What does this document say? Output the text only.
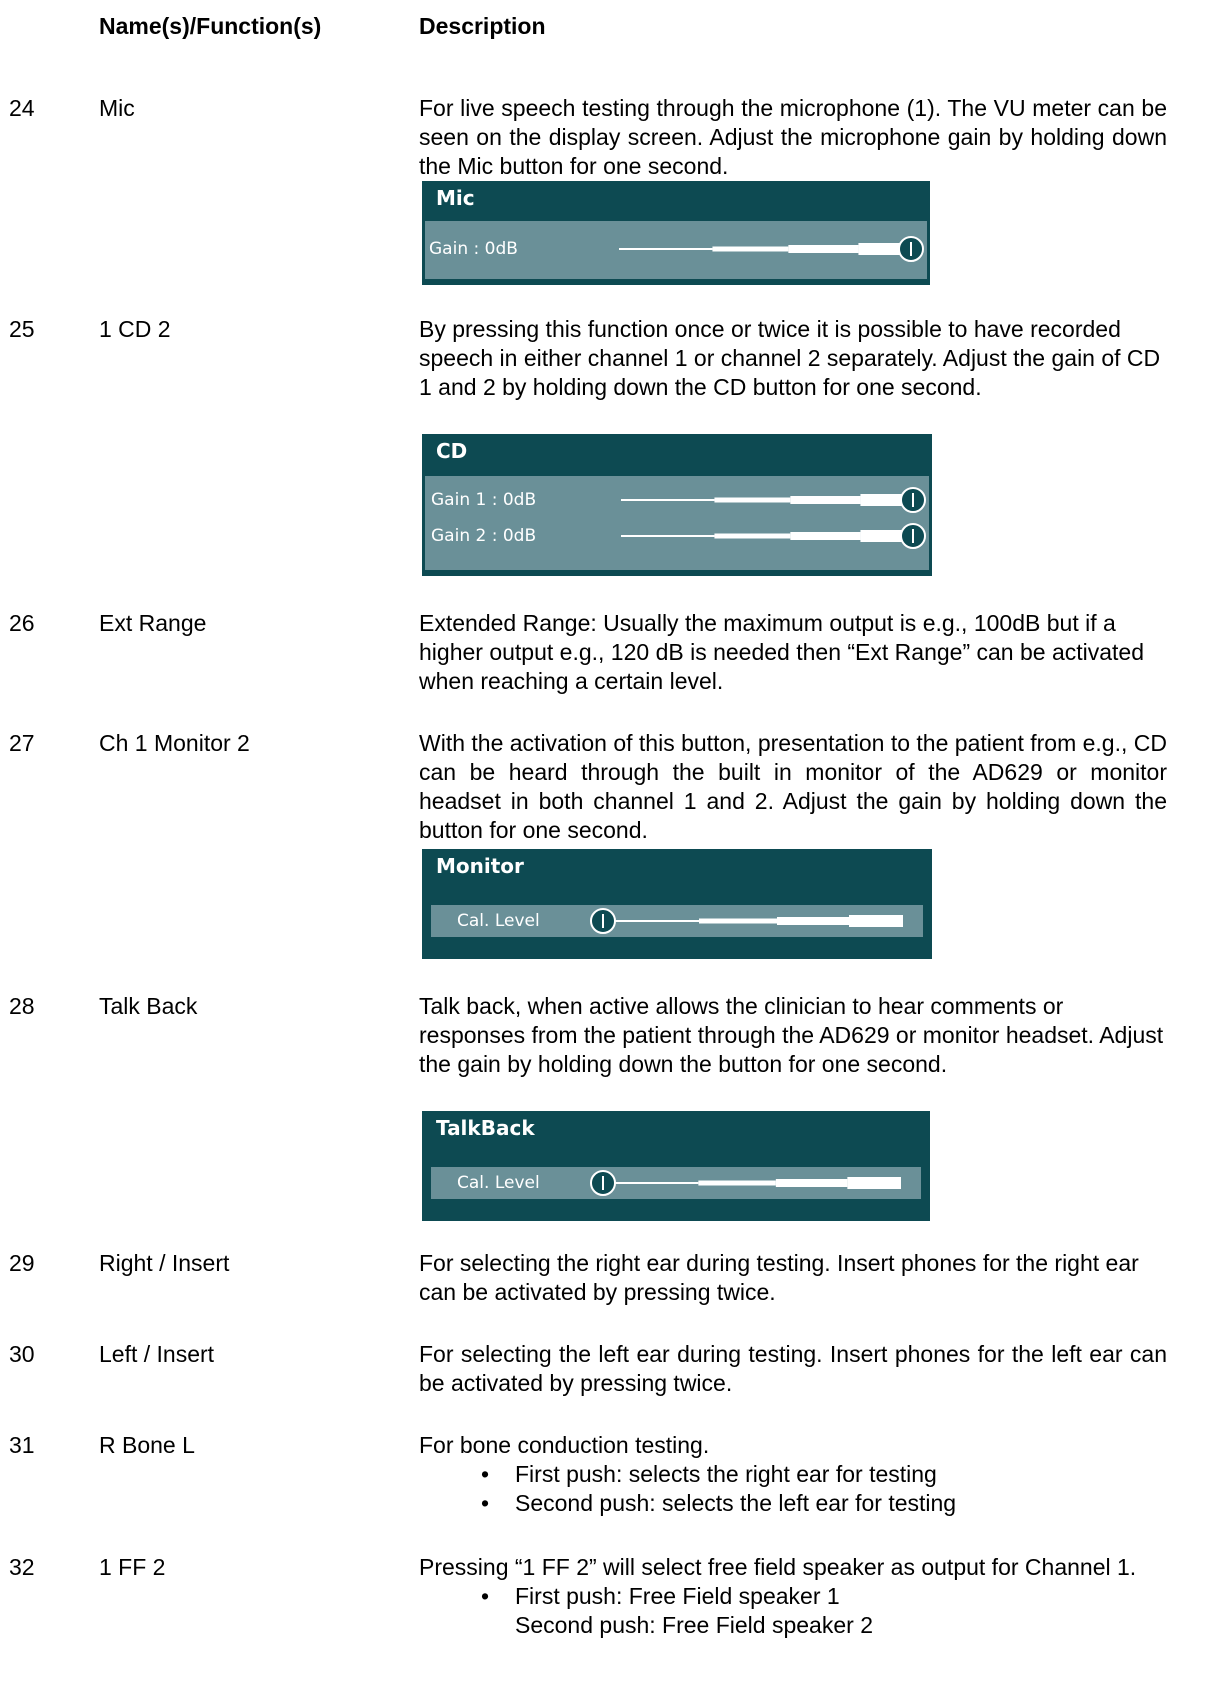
Name(s)/Function(s)	Description
24	Mic	For live speech testing through the microphone (1). The VU meter can be seen on the display screen. Adjust the microphone gain by holding down the Mic button for one second.
Mic
Gain : 0dB
25	1 CD 2	By pressing this function once or twice it is possible to have recorded speech in either channel 1 or channel 2 separately. Adjust the gain of CD 1 and 2 by holding down the CD button for one second.
CD
Gain 1 : 0dB
Gain 2 : 0dB
26	Ext Range	Extended Range: Usually the maximum output is e.g., 100dB but if a higher output e.g., 120 dB is needed then “Ext Range” can be activated when reaching a certain level.
27	Ch 1 Monitor 2	With the activation of this button, presentation to the patient from e.g., CD can be heard through the built in monitor of the AD629 or monitor headset in both channel 1 and 2. Adjust the gain by holding down the button for one second.
Monitor
Cal. Level
28	Talk Back	Talk back, when active allows the clinician to hear comments or responses from the patient through the AD629 or monitor headset. Adjust the gain by holding down the button for one second.
TalkBack
Cal. Level
29	Right / Insert	For selecting the right ear during testing. Insert phones for the right ear can be activated by pressing twice.
30	Left / Insert	For selecting the left ear during testing. Insert phones for the left ear can be activated by pressing twice.
31	R Bone L	For bone conduction testing.
• First push: selects the right ear for testing
• Second push: selects the left ear for testing
32	1 FF 2	Pressing “1 FF 2” will select free field speaker as output for Channel 1.
• First push: Free Field speaker 1
Second push: Free Field speaker 2
